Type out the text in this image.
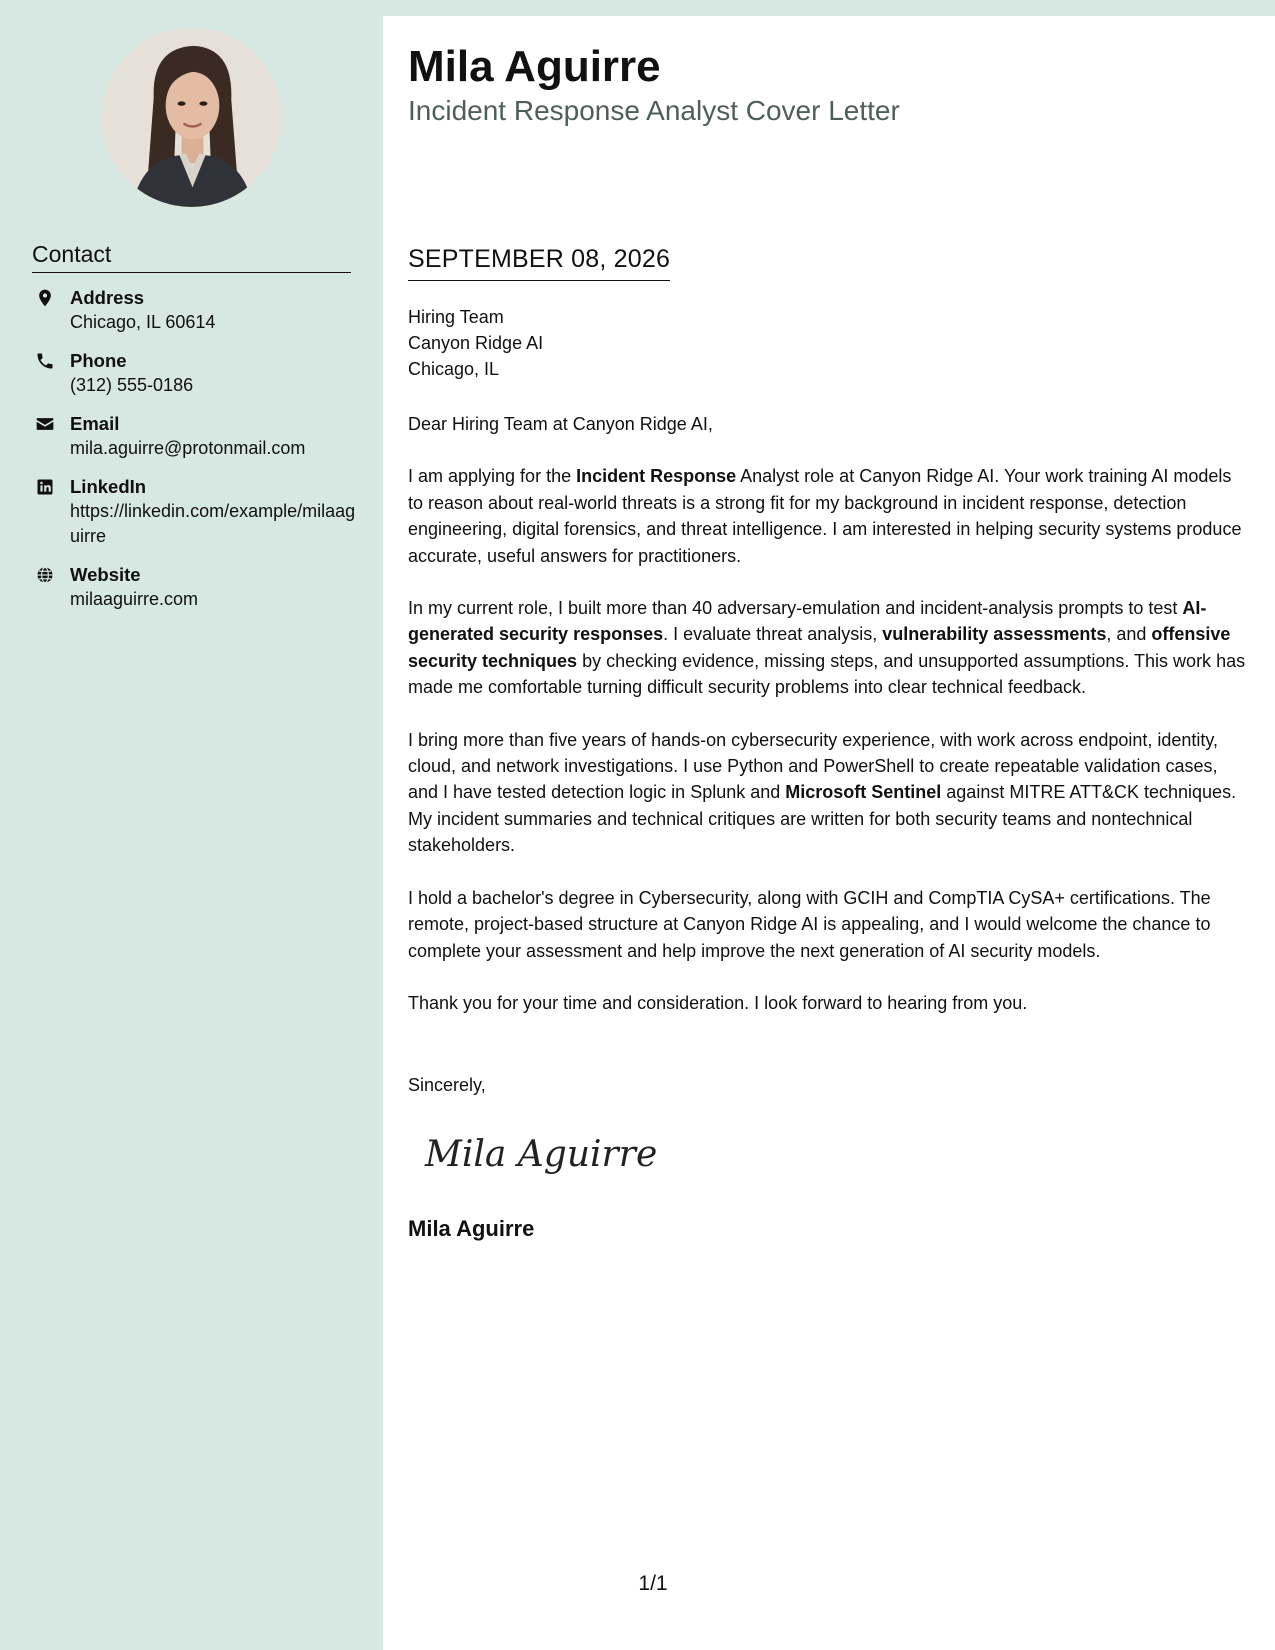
Contact
Address
Chicago, IL 60614
Phone
(312) 555-0186
Email
mila.aguirre@protonmail.com
LinkedIn
https://linkedin.com/example/milaaguirre
Website
milaaguirre.com
Mila Aguirre
Incident Response Analyst Cover Letter
SEPTEMBER 08, 2026
Hiring Team
Canyon Ridge AI
Chicago, IL

Dear Hiring Team at Canyon Ridge AI,

I am applying for the Incident Response Analyst role at Canyon Ridge AI. Your work training AI models to reason about real-world threats is a strong fit for my background in incident response, detection engineering, digital forensics, and threat intelligence. I am interested in helping security systems produce accurate, useful answers for practitioners.

In my current role, I built more than 40 adversary-emulation and incident-analysis prompts to test AI-generated security responses. I evaluate threat analysis, vulnerability assessments, and offensive security techniques by checking evidence, missing steps, and unsupported assumptions. This work has made me comfortable turning difficult security problems into clear technical feedback.

I bring more than five years of hands-on cybersecurity experience, with work across endpoint, identity, cloud, and network investigations. I use Python and PowerShell to create repeatable validation cases, and I have tested detection logic in Splunk and Microsoft Sentinel against MITRE ATT&CK techniques. My incident summaries and technical critiques are written for both security teams and nontechnical stakeholders.

I hold a bachelor's degree in Cybersecurity, along with GCIH and CompTIA CySA+ certifications. The remote, project-based structure at Canyon Ridge AI is appealing, and I would welcome the chance to complete your assessment and help improve the next generation of AI security models.

Thank you for your time and consideration. I look forward to hearing from you.

Sincerely,
Mila Aguirre
Mila Aguirre
1/1
